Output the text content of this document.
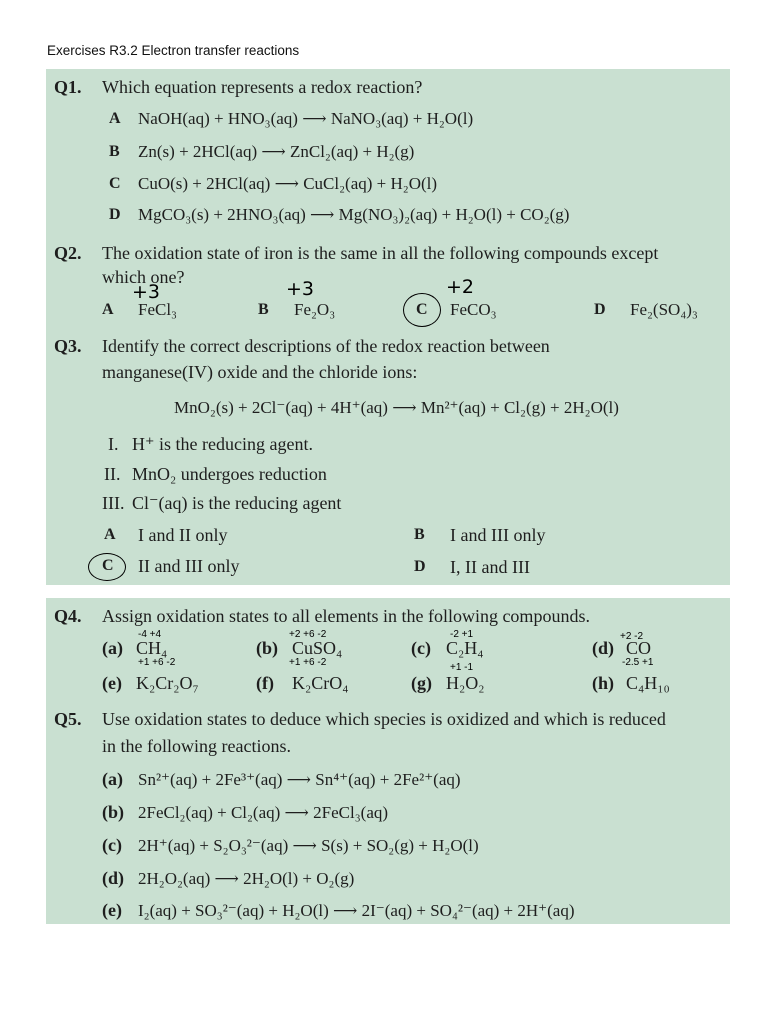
Exercises R3.2 Electron transfer reactions
Q1. Which equation represents a redox reaction?
A NaOH(aq) + HNO₃(aq) ⟶ NaNO₃(aq) + H₂O(l)
B Zn(s) + 2HCl(aq) ⟶ ZnCl₂(aq) + H₂(g)
C CuO(s) + 2HCl(aq) ⟶ CuCl₂(aq) + H₂O(l)
D MgCO₃(s) + 2HNO₃(aq) ⟶ Mg(NO₃)₂(aq) + H₂O(l) + CO₂(g)
Q2. The oxidation state of iron is the same in all the following compounds except
which one?
+3	+3	+2
A FeCl₃	B Fe₂O₃	C FeCO₃	D Fe₂(SO₄)₃
Q3. Identify the correct descriptions of the redox reaction between
manganese(IV) oxide and the chloride ions:
MnO₂(s) + 2Cl⁻(aq) + 4H⁺(aq) ⟶ Mn²⁺(aq) + Cl₂(g) + 2H₂O(l)
I. H⁺ is the reducing agent.
II. MnO₂ undergoes reduction
III. Cl⁻(aq) is the reducing agent
A I and II only	B I and III only
C II and III only	D I, II and III
Q4. Assign oxidation states to all elements in the following compounds.
-4 +4	+2 +6 -2	-2 +1	+2 -2
(a) CH₄	(b) CuSO₄	(c) C₂H₄	(d) CO
+1 +6 -2	+1 +6 -2	+1 -1	-2.5 +1
(e) K₂Cr₂O₇	(f) K₂CrO₄	(g) H₂O₂	(h) C₄H₁₀
Q5. Use oxidation states to deduce which species is oxidized and which is reduced
in the following reactions.
(a) Sn²⁺(aq) + 2Fe³⁺(aq) ⟶ Sn⁴⁺(aq) + 2Fe²⁺(aq)
(b) 2FeCl₂(aq) + Cl₂(aq) ⟶ 2FeCl₃(aq)
(c) 2H⁺(aq) + S₂O₃²⁻(aq) ⟶ S(s) + SO₂(g) + H₂O(l)
(d) 2H₂O₂(aq) ⟶ 2H₂O(l) + O₂(g)
(e) I₂(aq) + SO₃²⁻(aq) + H₂O(l) ⟶ 2I⁻(aq) + SO₄²⁻(aq) + 2H⁺(aq)
